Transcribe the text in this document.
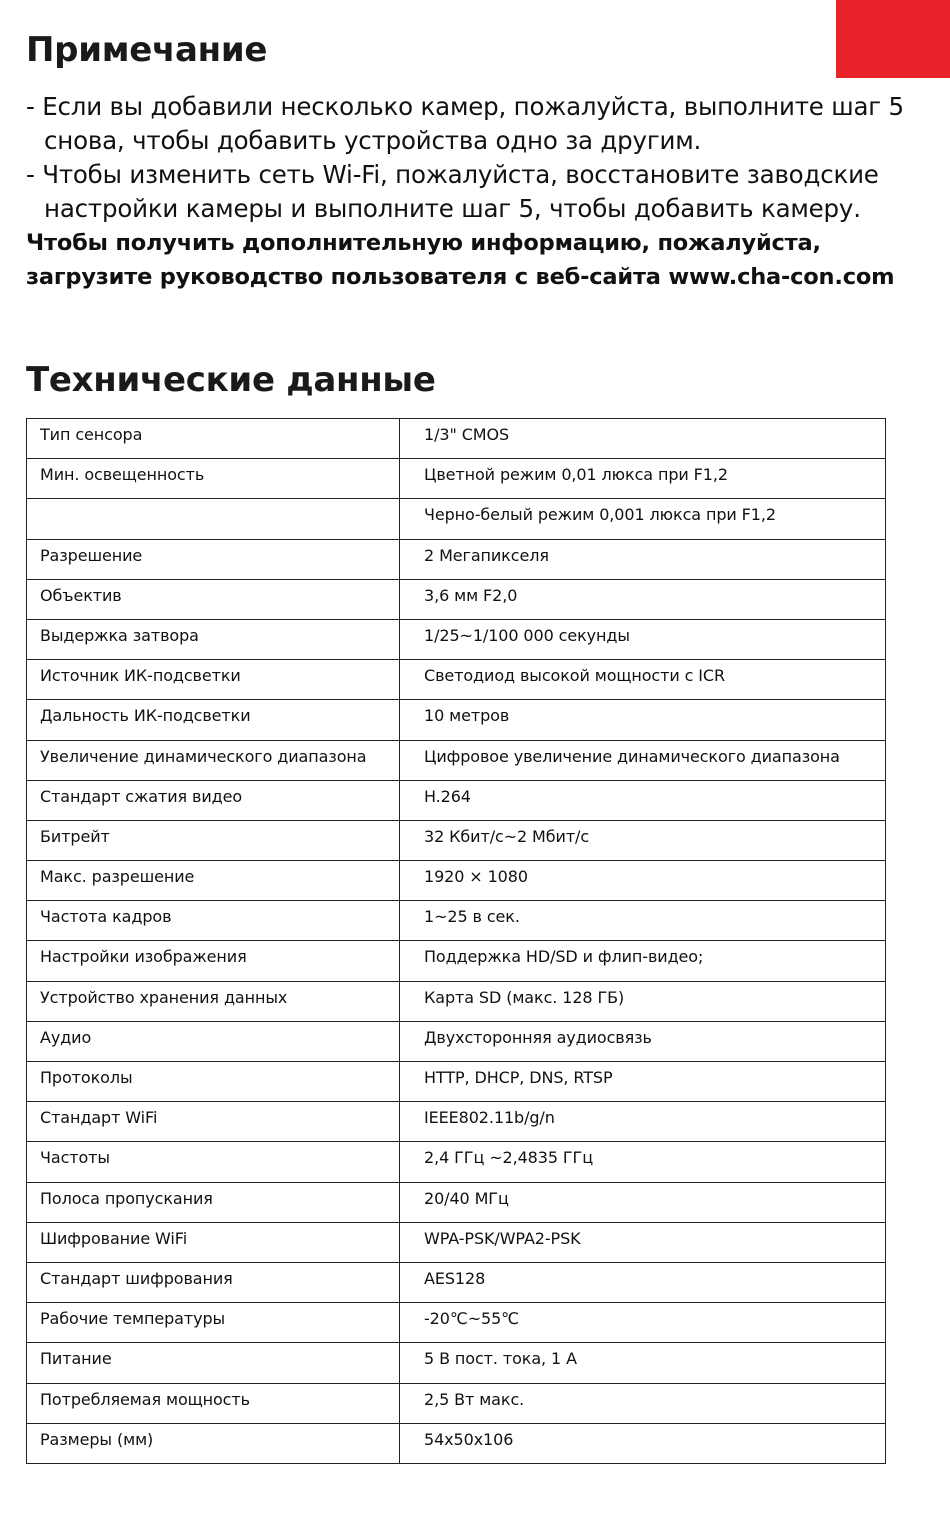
Примечание
- Если вы добавили несколько камер, пожалуйста, выполните шаг 5 снова, чтобы добавить устройства одно за другим.
- Чтобы изменить сеть Wi-Fi, пожалуйста, восстановите заводские настройки камеры и выполните шаг 5, чтобы добавить камеру.
Чтобы получить дополнительную информацию, пожалуйста, загрузите руководство пользователя с веб-сайта www.cha-con.com
Технические данные
Тип сенсора	1/3" CMOS
Мин. освещенность	Цветной режим 0,01 люкса при F1,2
	Черно-белый режим 0,001 люкса при F1,2
Разрешение	2 Мегапикселя
Объектив	3,6 мм F2,0
Выдержка затвора	1/25~1/100 000 секунды
Источник ИК-подсветки	Светодиод высокой мощности с ICR
Дальность ИК-подсветки	10 метров
Увеличение динамического диапазона	Цифровое увеличение динамического диапазона
Стандарт сжатия видео	H.264
Битрейт	32 Кбит/с~2 Мбит/с
Макс. разрешение	1920 × 1080
Частота кадров	1~25 в сек.
Настройки изображения	Поддержка HD/SD и флип-видео;
Устройство хранения данных	Карта SD (макс. 128 ГБ)
Аудио	Двухсторонняя аудиосвязь
Протоколы	HTTP, DHCP, DNS, RTSP
Стандарт WiFi	IEEE802.11b/g/n
Частоты	2,4 ГГц ~2,4835 ГГц
Полоса пропускания	20/40 МГц
Шифрование WiFi	WPA-PSK/WPA2-PSK
Стандарт шифрования	AES128
Рабочие температуры	-20℃~55℃
Питание	5 В пост. тока, 1 А
Потребляемая мощность	2,5 Вт макс.
Размеры (мм)	54x50x106
